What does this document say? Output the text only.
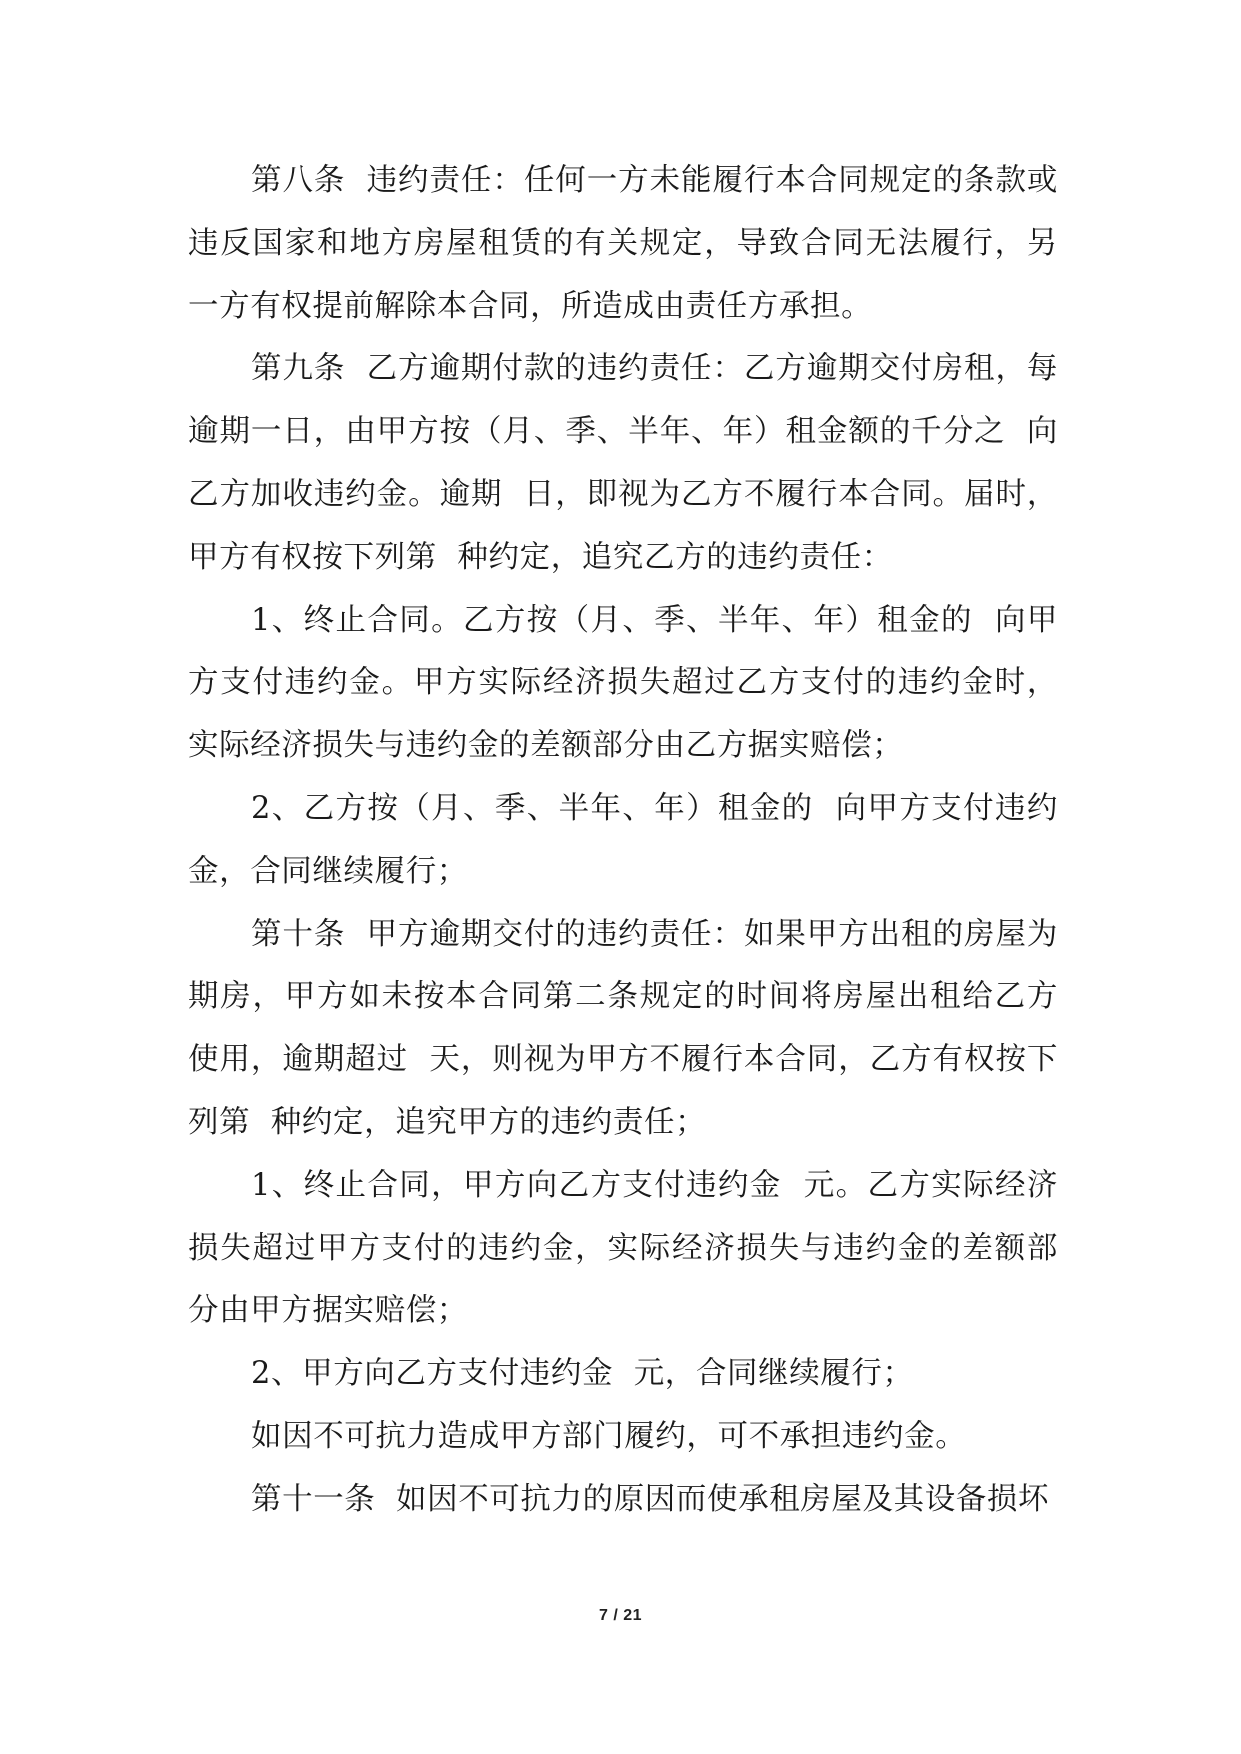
第八条  违约责任：任何一方未能履行本合同规定的条款或违反国家和地方房屋租赁的有关规定，导致合同无法履行，另一方有权提前解除本合同，所造成由责任方承担。

第九条  乙方逾期付款的违约责任：乙方逾期交付房租，每逾期一日，由甲方按（月、季、半年、年）租金额的千分之  向乙方加收违约金。逾期  日，即视为乙方不履行本合同。届时，甲方有权按下列第  种约定，追究乙方的违约责任：

1、终止合同。乙方按（月、季、半年、年）租金的  向甲方支付违约金。甲方实际经济损失超过乙方支付的违约金时，实际经济损失与违约金的差额部分由乙方据实赔偿；

2、乙方按（月、季、半年、年）租金的  向甲方支付违约金，合同继续履行；

第十条  甲方逾期交付的违约责任：如果甲方出租的房屋为期房，甲方如未按本合同第二条规定的时间将房屋出租给乙方使用，逾期超过  天，则视为甲方不履行本合同，乙方有权按下列第  种约定，追究甲方的违约责任；

1、终止合同，甲方向乙方支付违约金  元。乙方实际经济损失超过甲方支付的违约金，实际经济损失与违约金的差额部分由甲方据实赔偿；

2、甲方向乙方支付违约金  元，合同继续履行；

如因不可抗力造成甲方部门履约，可不承担违约金。

第十一条  如因不可抗力的原因而使承租房屋及其设备损坏

7 / 21
